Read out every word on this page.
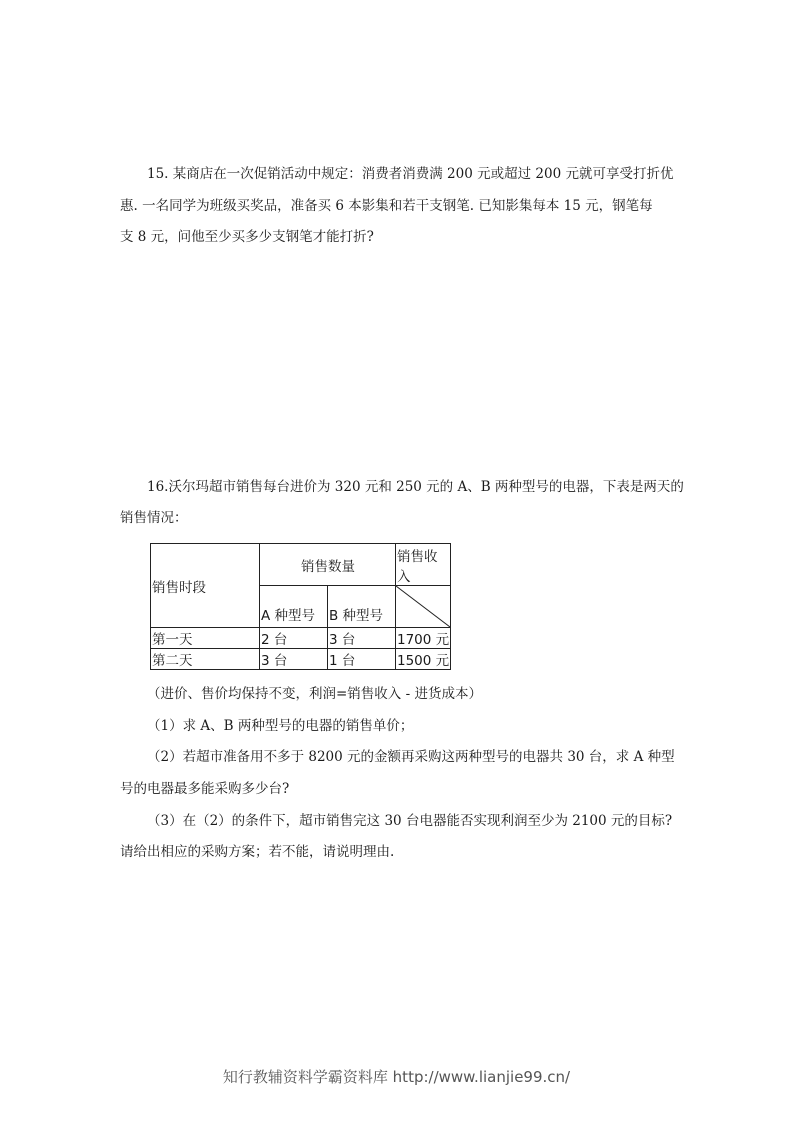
15. 某商店在一次促销活动中规定：消费者消费满 200 元或超过 200 元就可享受打折优
惠. 一名同学为班级买奖品，准备买 6 本影集和若干支钢笔. 已知影集每本 15 元，钢笔每
支 8 元，问他至少买多少支钢笔才能打折?
16.沃尔玛超市销售每台进价为 320 元和 250 元的 A、B 两种型号的电器，下表是两天的
销售情况：
销售时段	销售数量		销售收入
	A 种型号	B 种型号	

第一天	2 台	3 台	1700 元
第二天	3 台	1 台	1500 元
（进价、售价均保持不变，利润=销售收入 - 进货成本）
（1）求 A、B 两种型号的电器的销售单价；
（2）若超市准备用不多于 8200 元的金额再采购这两种型号的电器共 30 台，求 A 种型
号的电器最多能采购多少台?
（3）在（2）的条件下，超市销售完这 30 台电器能否实现利润至少为 2100 元的目标?
请给出相应的采购方案；若不能，请说明理由.
知行教辅资料学霸资料库 http://www.lianjie99.cn/
